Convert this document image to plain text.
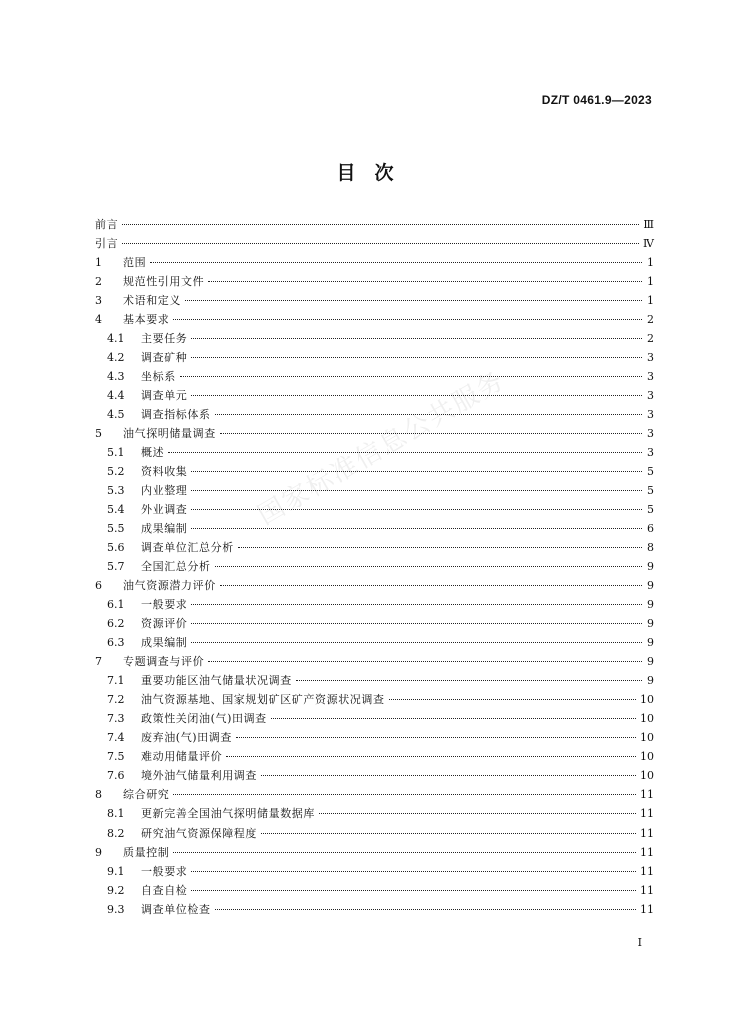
DZ/T 0461.9—2023
目　次
国家标准信息公共服务
前言	Ⅲ
引言	Ⅳ
1	范围	1
2	规范性引用文件	1
3	术语和定义	1
4	基本要求	2
4.1	主要任务	2
4.2	调查矿种	3
4.3	坐标系	3
4.4	调查单元	3
4.5	调查指标体系	3
5	油气探明储量调查	3
5.1	概述	3
5.2	资料收集	5
5.3	内业整理	5
5.4	外业调查	5
5.5	成果编制	6
5.6	调查单位汇总分析	8
5.7	全国汇总分析	9
6	油气资源潜力评价	9
6.1	一般要求	9
6.2	资源评价	9
6.3	成果编制	9
7	专题调查与评价	9
7.1	重要功能区油气储量状况调查	9
7.2	油气资源基地、国家规划矿区矿产资源状况调查	10
7.3	政策性关闭油(气)田调查	10
7.4	废弃油(气)田调查	10
7.5	难动用储量评价	10
7.6	境外油气储量利用调查	10
8	综合研究	11
8.1	更新完善全国油气探明储量数据库	11
8.2	研究油气资源保障程度	11
9	质量控制	11
9.1	一般要求	11
9.2	自查自检	11
9.3	调查单位检查	11
Ⅰ
